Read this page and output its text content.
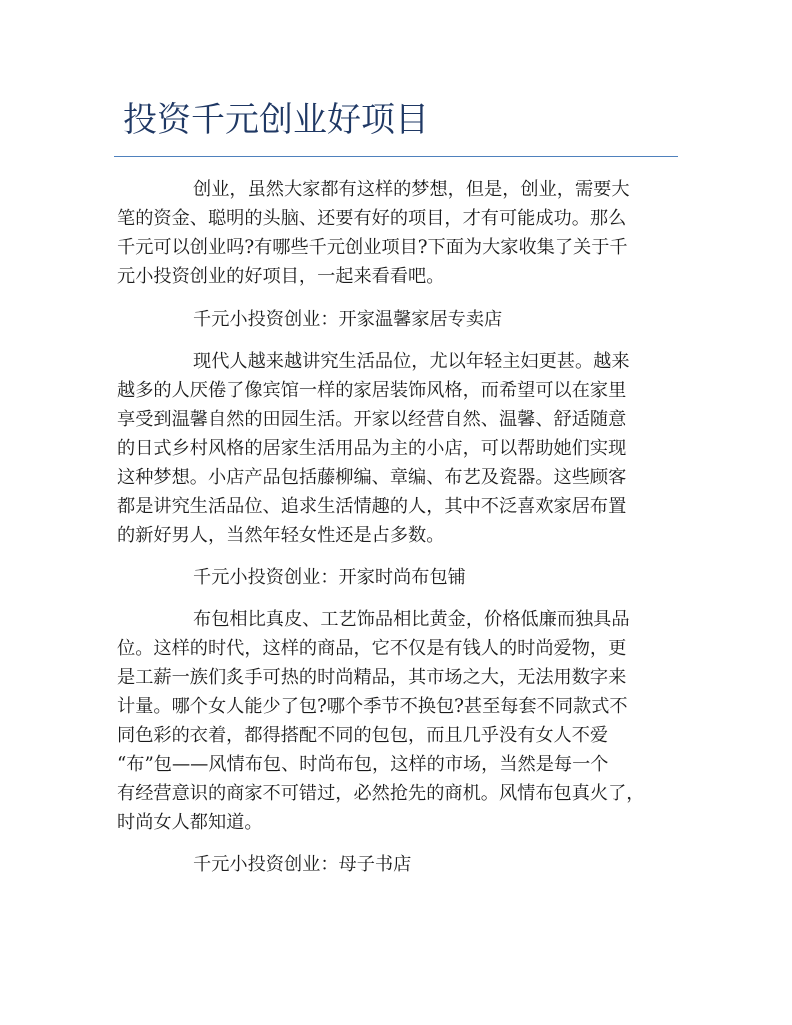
投资千元创业好项目
创业，虽然大家都有这样的梦想，但是，创业，需要大
笔的资金、聪明的头脑、还要有好的项目，才有可能成功。那么
千元可以创业吗?有哪些千元创业项目?下面为大家收集了关于千
元小投资创业的好项目，一起来看看吧。
千元小投资创业：开家温馨家居专卖店
现代人越来越讲究生活品位，尤以年轻主妇更甚。越来
越多的人厌倦了像宾馆一样的家居装饰风格，而希望可以在家里
享受到温馨自然的田园生活。开家以经营自然、温馨、舒适随意
的日式乡村风格的居家生活用品为主的小店，可以帮助她们实现
这种梦想。小店产品包括藤柳编、章编、布艺及瓷器。这些顾客
都是讲究生活品位、追求生活情趣的人，其中不泛喜欢家居布置
的新好男人，当然年轻女性还是占多数。
千元小投资创业：开家时尚布包铺
布包相比真皮、工艺饰品相比黄金，价格低廉而独具品
位。这样的时代，这样的商品，它不仅是有钱人的时尚爱物，更
是工薪一族们炙手可热的时尚精品，其市场之大，无法用数字来
计量。哪个女人能少了包?哪个季节不换包?甚至每套不同款式不
同色彩的衣着，都得搭配不同的包包，而且几乎没有女人不爱
“布”包——风情布包、时尚布包，这样的市场，当然是每一个
有经营意识的商家不可错过，必然抢先的商机。风情布包真火了，
时尚女人都知道。
千元小投资创业：母子书店
